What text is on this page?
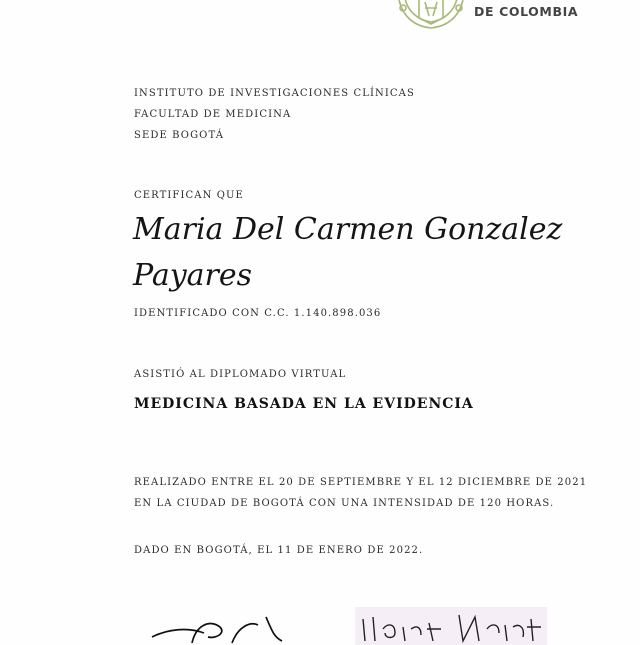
DE COLOMBIA
INSTITUTO DE INVESTIGACIONES CLÍNICAS
FACULTAD DE MEDICINA
SEDE BOGOTÁ
CERTIFICAN QUE
Maria Del Carmen Gonzalez Payares
IDENTIFICADO CON C.C. 1.140.898.036
ASISTIÓ AL DIPLOMADO VIRTUAL
MEDICINA BASADA EN LA EVIDENCIA
REALIZADO ENTRE EL 20 DE SEPTIEMBRE Y EL 12 DICIEMBRE DE 2021
EN LA CIUDAD DE BOGOTÁ CON UNA INTENSIDAD DE 120 HORAS.
DADO EN BOGOTÁ, EL 11 DE ENERO DE 2022.
